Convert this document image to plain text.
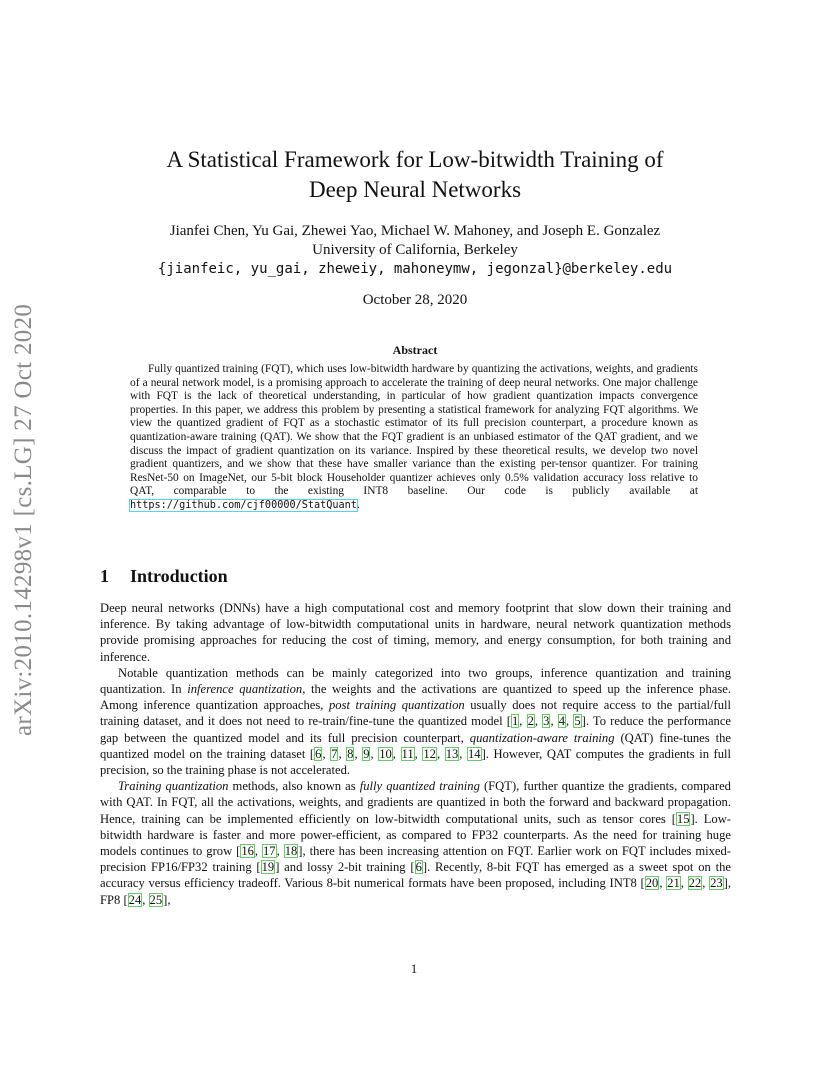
arXiv:2010.14298v1 [cs.LG] 27 Oct 2020
A Statistical Framework for Low-bitwidth Training of
Deep Neural Networks
Jianfei Chen, Yu Gai, Zhewei Yao, Michael W. Mahoney, and Joseph E. Gonzalez
University of California, Berkeley
{jianfeic, yu_gai, zheweiy, mahoneymw, jegonzal}@berkeley.edu
October 28, 2020
Abstract

Fully quantized training (FQT), which uses low-bitwidth hardware by quantizing the activations, weights, and gradients of a neural network model, is a promising approach to accelerate the training of deep neural networks. One major challenge with FQT is the lack of theoretical understanding, in particular of how gradient quantization impacts convergence properties. In this paper, we address this problem by presenting a statistical framework for analyzing FQT algorithms. We view the quantized gradient of FQT as a stochastic estimator of its full precision counterpart, a procedure known as quantization-aware training (QAT). We show that the FQT gradient is an unbiased estimator of the QAT gradient, and we discuss the impact of gradient quantization on its variance. Inspired by these theoretical results, we develop two novel gradient quantizers, and we show that these have smaller variance than the existing per-tensor quantizer. For training ResNet-50 on ImageNet, our 5-bit block Householder quantizer achieves only 0.5% validation accuracy loss relative to QAT, comparable to the existing INT8 baseline. Our code is publicly available at https://github.com/cjf00000/StatQuant.

1 Introduction

Deep neural networks (DNNs) have a high computational cost and memory footprint that slow down their training and inference. By taking advantage of low-bitwidth computational units in hardware, neural network quantization methods provide promising approaches for reducing the cost of timing, memory, and energy consumption, for both training and inference.

Notable quantization methods can be mainly categorized into two groups, inference quantization and training quantization. In inference quantization, the weights and the activations are quantized to speed up the inference phase. Among inference quantization approaches, post training quantization usually does not require access to the partial/full training dataset, and it does not need to re-train/fine-tune the quantized model [1, 2, 3, 4, 5]. To reduce the performance gap between the quantized model and its full precision counterpart, quantization-aware training (QAT) fine-tunes the quantized model on the training dataset [6, 7, 8, 9, 10, 11, 12, 13, 14]. However, QAT computes the gradients in full precision, so the training phase is not accelerated.

Training quantization methods, also known as fully quantized training (FQT), further quantize the gradients, compared with QAT. In FQT, all the activations, weights, and gradients are quantized in both the forward and backward propagation. Hence, training can be implemented efficiently on low-bitwidth computational units, such as tensor cores [15]. Low-bitwidth hardware is faster and more power-efficient, as compared to FP32 counterparts. As the need for training huge models continues to grow [16, 17, 18], there has been increasing attention on FQT. Earlier work on FQT includes mixed-precision FP16/FP32 training [19] and lossy 2-bit training [6]. Recently, 8-bit FQT has emerged as a sweet spot on the accuracy versus efficiency tradeoff. Various 8-bit numerical formats have been proposed, including INT8 [20, 21, 22, 23], FP8 [24, 25],

1
